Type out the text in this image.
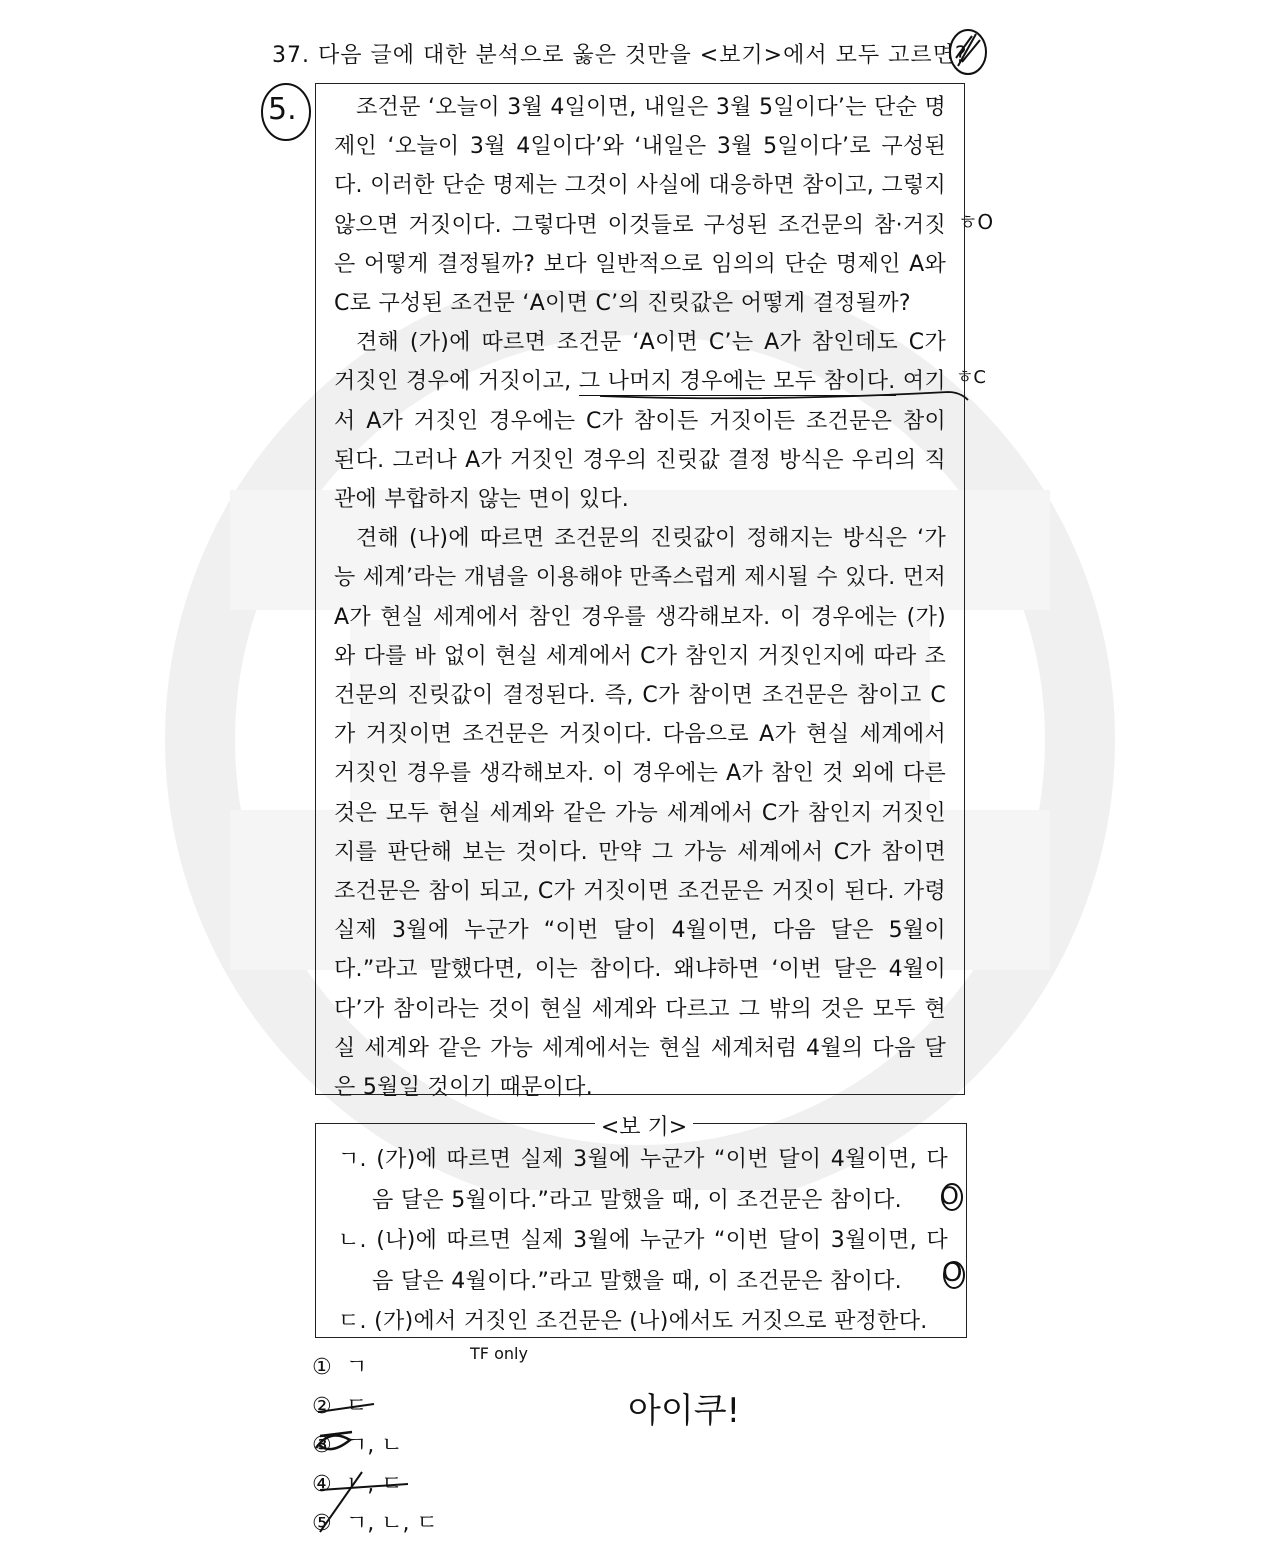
37. 다음 글에 대한 분석으로 옳은 것만을 <보기>에서 모두 고르면?

조건문 ‘오늘이 3월 4일이면, 내일은 3월 5일이다’는 단순 명제인 ‘오늘이 3월 4일이다’와 ‘내일은 3월 5일이다’로 구성된다. 이러한 단순 명제는 그것이 사실에 대응하면 참이고, 그렇지 않으면 거짓이다. 그렇다면 이것들로 구성된 조건문의 참·거짓은 어떻게 결정될까? 보다 일반적으로 임의의 단순 명제인 A와 C로 구성된 조건문 ‘A이면 C’의 진릿값은 어떻게 결정될까?

견해 (가)에 따르면 조건문 ‘A이면 C’는 A가 참인데도 C가 거짓인 경우에 거짓이고, 그 나머지 경우에는 모두 참이다. 여기서 A가 거짓인 경우에는 C가 참이든 거짓이든 조건문은 참이 된다. 그러나 A가 거짓인 경우의 진릿값 결정 방식은 우리의 직관에 부합하지 않는 면이 있다.

견해 (나)에 따르면 조건문의 진릿값이 정해지는 방식은 ‘가능 세계’라는 개념을 이용해야 만족스럽게 제시될 수 있다. 먼저 A가 현실 세계에서 참인 경우를 생각해보자. 이 경우에는 (가)와 다를 바 없이 현실 세계에서 C가 참인지 거짓인지에 따라 조건문의 진릿값이 결정된다. 즉, C가 참이면 조건문은 참이고 C가 거짓이면 조건문은 거짓이다. 다음으로 A가 현실 세계에서 거짓인 경우를 생각해보자. 이 경우에는 A가 참인 것 외에 다른 것은 모두 현실 세계와 같은 가능 세계에서 C가 참인지 거짓인지를 판단해 보는 것이다. 만약 그 가능 세계에서 C가 참이면 조건문은 참이 되고, C가 거짓이면 조건문은 거짓이 된다. 가령 실제 3월에 누군가 “이번 달이 4월이면, 다음 달은 5월이다.”라고 말했다면, 이는 참이다. 왜냐하면 ‘이번 달은 4월이다’가 참이라는 것이 현실 세계와 다르고 그 밖의 것은 모두 현실 세계와 같은 가능 세계에서는 현실 세계처럼 4월의 다음 달은 5월일 것이기 때문이다.

<보 기>
ㄱ. (가)에 따르면 실제 3월에 누군가 “이번 달이 4월이면, 다음 달은 5월이다.”라고 말했을 때, 이 조건문은 참이다.
ㄴ. (나)에 따르면 실제 3월에 누군가 “이번 달이 3월이면, 다음 달은 4월이다.”라고 말했을 때, 이 조건문은 참이다.
ㄷ. (가)에서 거짓인 조건문은 (나)에서도 거짓으로 판정한다.
① ㄱ
② ㄷ
③ ㄱ, ㄴ
④ ㄴ, ㄷ
⑤ ㄱ, ㄴ, ㄷ
5.
ㅎO
ㅎC
O
O
TF only
아이쿠!
